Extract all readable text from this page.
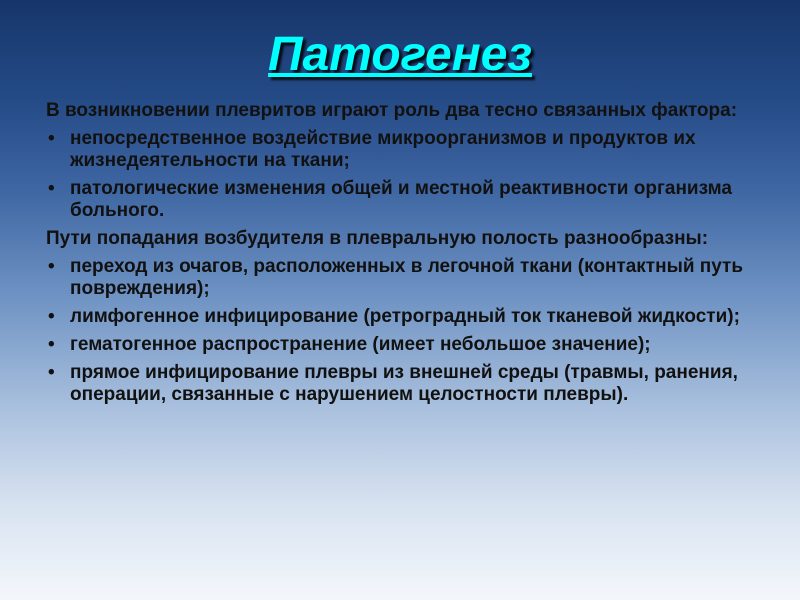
Патогенез
В возникновении плевритов играют роль два тесно связанных фактора:
• непосредственное воздействие микроорганизмов и продуктов их жизнедеятельности на ткани;
• патологические изменения общей и местной реактивности организма больного.
Пути попадания возбудителя в плевральную полость разнообразны:
• переход из очагов, расположенных в легочной ткани (контактный путь повреждения);
• лимфогенное инфицирование (ретроградный ток тканевой жидкости);
• гематогенное распространение (имеет небольшое значение);
• прямое инфицирование плевры из внешней среды (травмы, ранения, операции, связанные с нарушением целостности плевры).
